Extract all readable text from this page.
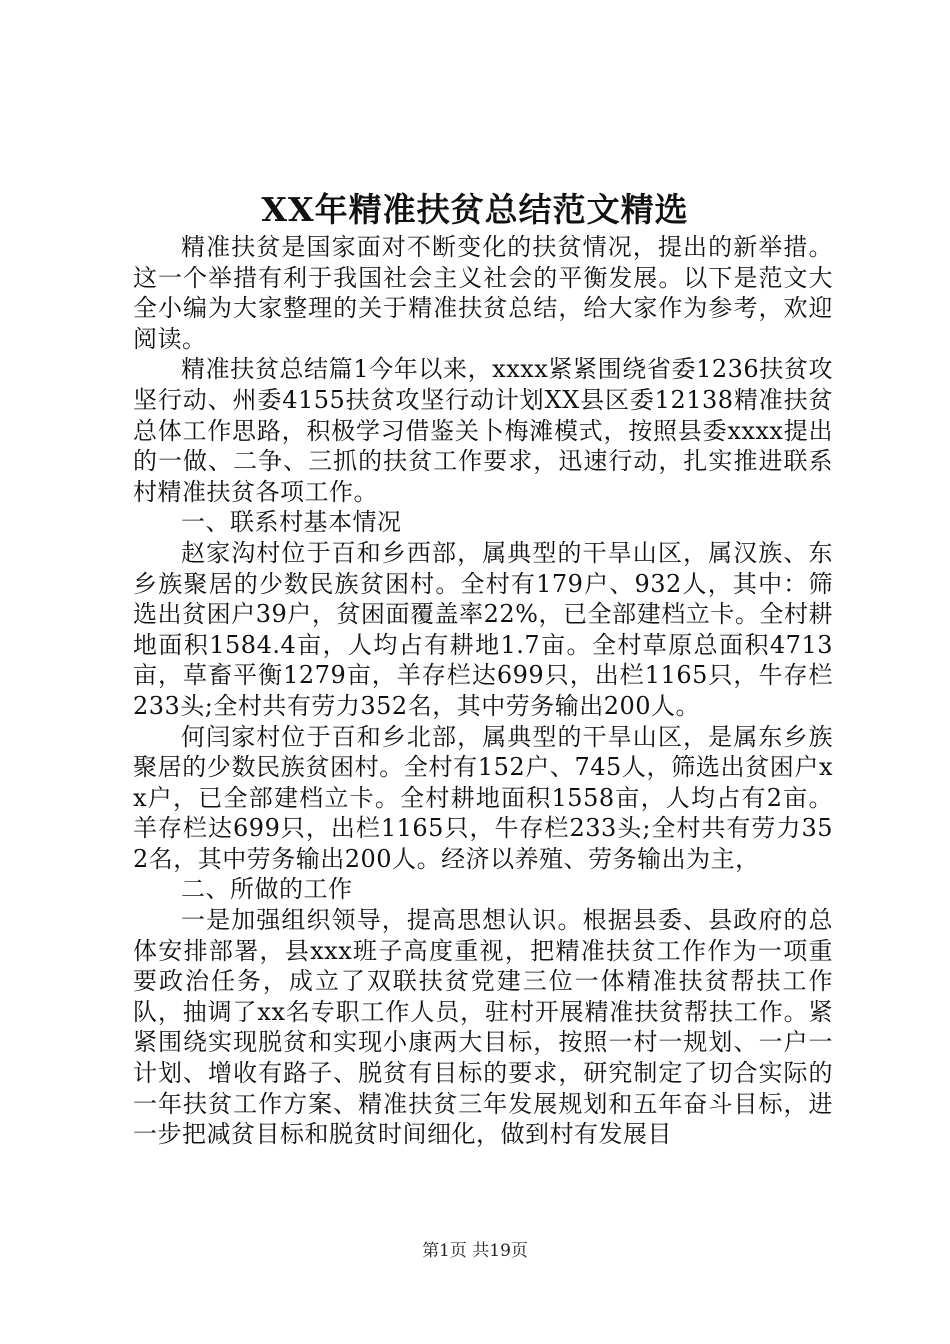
XX年精准扶贫总结范文精选

精准扶贫是国家面对不断变化的扶贫情况，提出的新举措。这一个举措有利于我国社会主义社会的平衡发展。以下是范文大全小编为大家整理的关于精准扶贫总结，给大家作为参考，欢迎阅读。

精准扶贫总结篇1今年以来，xxxx紧紧围绕省委1236扶贫攻坚行动、州委4155扶贫攻坚行动计划XX县区委12138精准扶贫总体工作思路，积极学习借鉴关卜梅滩模式，按照县委xxxx提出的一做、二争、三抓的扶贫工作要求，迅速行动，扎实推进联系村精准扶贫各项工作。

一、联系村基本情况

赵家沟村位于百和乡西部，属典型的干旱山区，属汉族、东乡族聚居的少数民族贫困村。全村有179户、932人，其中：筛选出贫困户39户，贫困面覆盖率22%，已全部建档立卡。全村耕地面积1584.4亩，人均占有耕地1.7亩。全村草原总面积4713亩，草畜平衡1279亩，羊存栏达699只，出栏1165只，牛存栏233头;全村共有劳力352名，其中劳务输出200人。

何闫家村位于百和乡北部，属典型的干旱山区，是属东乡族聚居的少数民族贫困村。全村有152户、745人，筛选出贫困户xx户，已全部建档立卡。全村耕地面积1558亩，人均占有2亩。羊存栏达699只，出栏1165只，牛存栏233头;全村共有劳力352名，其中劳务输出200人。经济以养殖、劳务输出为主，

二、所做的工作

一是加强组织领导，提高思想认识。根据县委、县政府的总体安排部署，县xxx班子高度重视，把精准扶贫工作作为一项重要政治任务，成立了双联扶贫党建三位一体精准扶贫帮扶工作队，抽调了xx名专职工作人员，驻村开展精准扶贫帮扶工作。紧紧围绕实现脱贫和实现小康两大目标，按照一村一规划、一户一计划、增收有路子、脱贫有目标的要求，研究制定了切合实际的一年扶贫工作方案、精准扶贫三年发展规划和五年奋斗目标，进一步把减贫目标和脱贫时间细化，做到村有发展目

第1页 共19页
